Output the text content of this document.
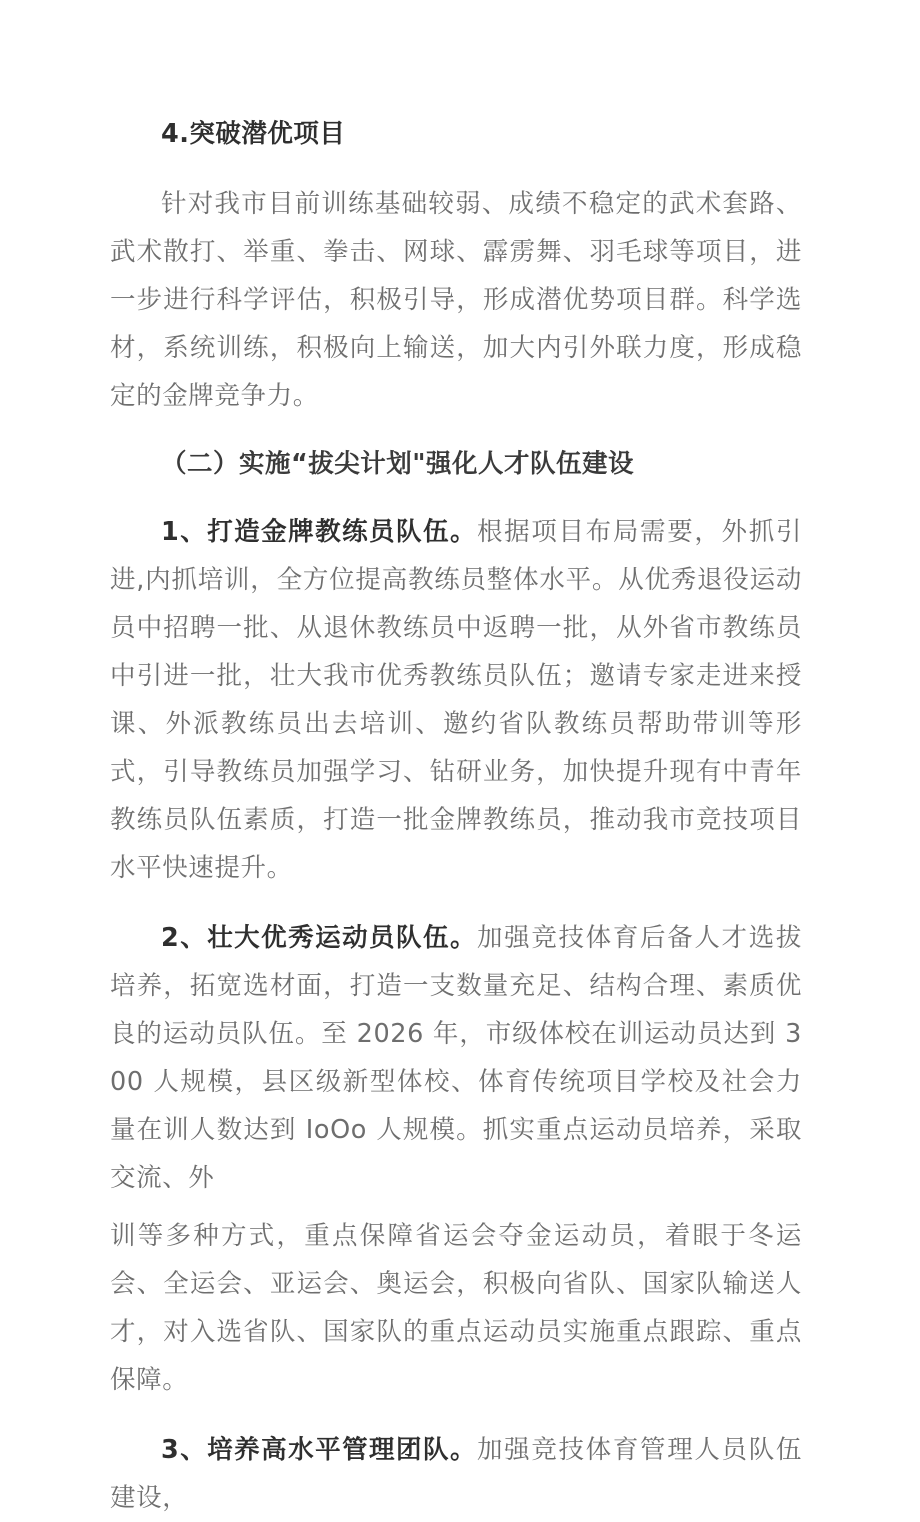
4.突破潜优项目

针对我市目前训练基础较弱、成绩不稳定的武术套路、武术散打、举重、拳击、网球、霹雳舞、羽毛球等项目，进一步进行科学评估，积极引导，形成潜优势项目群。科学选材，系统训练，积极向上输送，加大内引外联力度，形成稳定的金牌竞争力。

（二）实施“拔尖计划"强化人才队伍建设

1、打造金牌教练员队伍。根据项目布局需要，外抓引进,内抓培训，全方位提高教练员整体水平。从优秀退役运动员中招聘一批、从退休教练员中返聘一批，从外省市教练员中引进一批，壮大我市优秀教练员队伍；邀请专家走进来授课、外派教练员出去培训、邀约省队教练员帮助带训等形式，引导教练员加强学习、钻研业务，加快提升现有中青年教练员队伍素质，打造一批金牌教练员，推动我市竞技项目水平快速提升。

2、壮大优秀运动员队伍。加强竞技体育后备人才选拔培养，拓宽选材面，打造一支数量充足、结构合理、素质优良的运动员队伍。至 2026 年，市级体校在训运动员达到 300 人规模，县区级新型体校、体育传统项目学校及社会力量在训人数达到 IoOo 人规模。抓实重点运动员培养，采取交流、外

训等多种方式，重点保障省运会夺金运动员，着眼于冬运会、全运会、亚运会、奥运会，积极向省队、国家队输送人才，对入选省队、国家队的重点运动员实施重点跟踪、重点保障。

3、培养高水平管理团队。加强竞技体育管理人员队伍建设，
